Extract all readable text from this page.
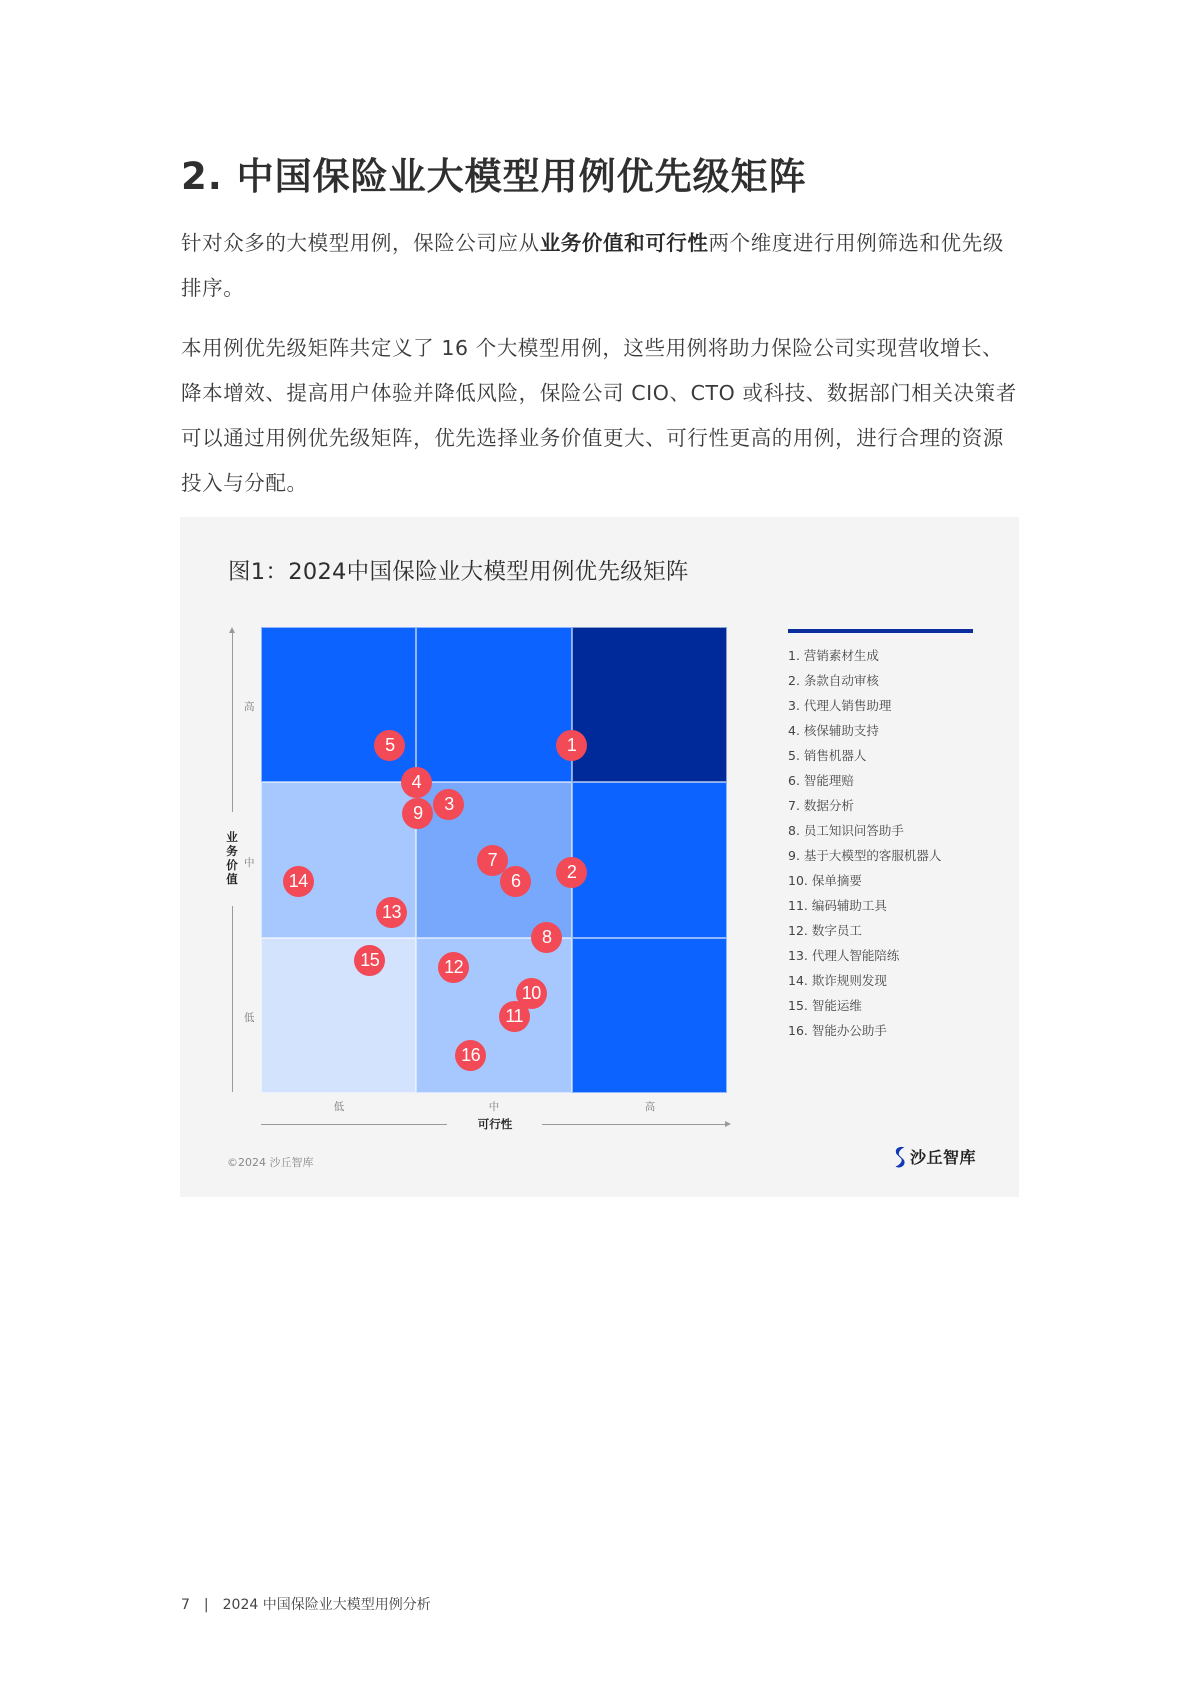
2. 中国保险业大模型用例优先级矩阵

针对众多的大模型用例，保险公司应从业务价值和可行性两个维度进行用例筛选和优先级排序。

本用例优先级矩阵共定义了 16 个大模型用例，这些用例将助力保险公司实现营收增长、降本增效、提高用户体验并降低风险，保险公司 CIO、CTO 或科技、数据部门相关决策者可以通过用例优先级矩阵，优先选择业务价值更大、可行性更高的用例，进行合理的资源投入与分配。

图1：2024中国保险业大模型用例优先级矩阵
业
务
价
值
高
中
低
1
2
3
4
5
6
7
8
9
10
11
12
13
14
15
16
低	中	高
可行性
1. 营销素材生成
2. 条款自动审核
3. 代理人销售助理
4. 核保辅助支持
5. 销售机器人
6. 智能理赔
7. 数据分析
8. 员工知识问答助手
9. 基于大模型的客服机器人
10. 保单摘要
11. 编码辅助工具
12. 数字员工
13. 代理人智能陪练
14. 欺诈规则发现
15. 智能运维
16. 智能办公助手
©2024 沙丘智库	沙丘智库
7 | 2024 中国保险业大模型用例分析
